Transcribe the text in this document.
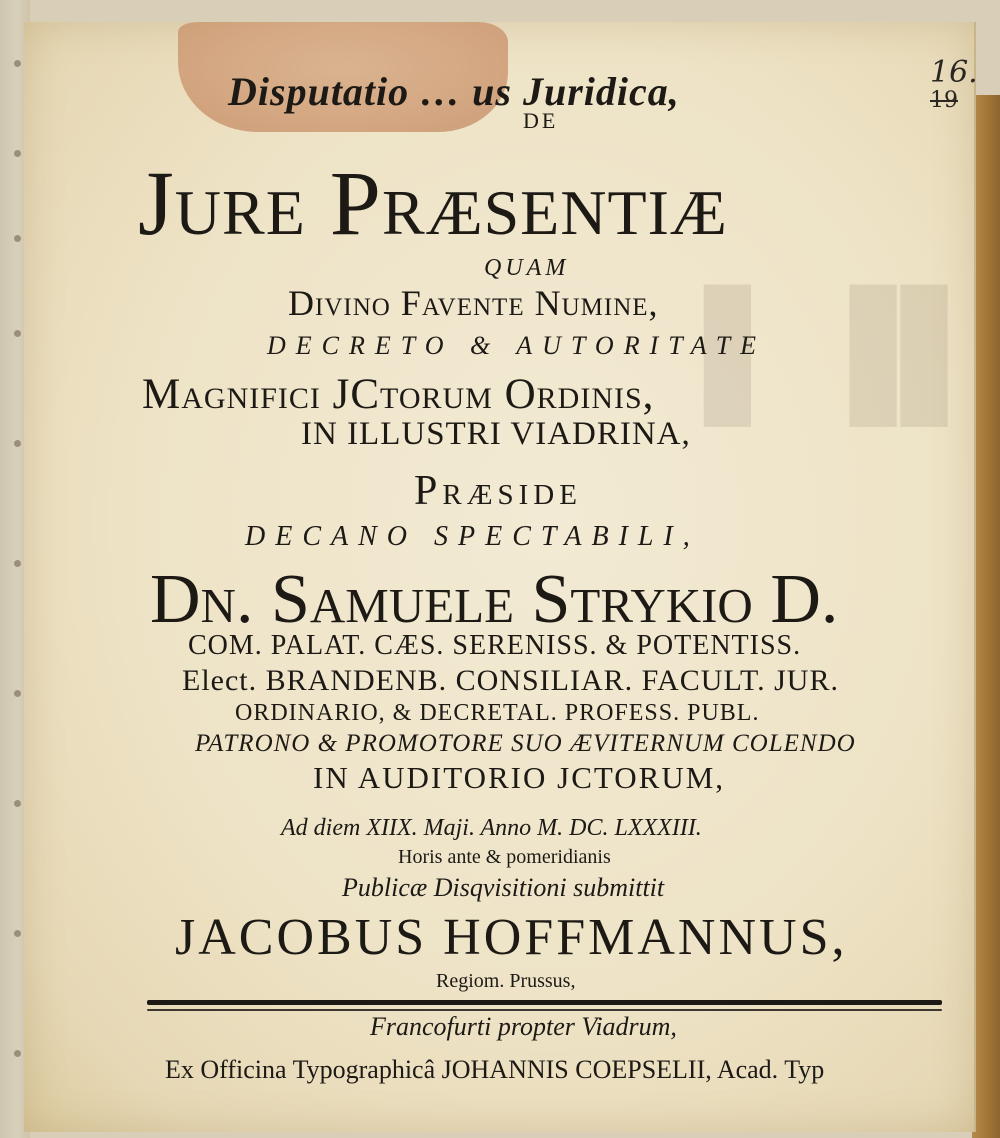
▌▐▌
16.
19
Disputatio … us Juridica,
DE
Jure Præsentiæ
QUAM
Divino Favente Numine,
DECRETO & AUTORITATE
Magnifici JCtorum Ordinis,
IN ILLUSTRI VIADRINA,
Præside
DECANO SPECTABILI,
Dn. Samuele Strykio D.
COM. PALAT. CÆS. SERENISS. & POTENTISS.
Elect. BRANDENB. CONSILIAR. FACULT. JUR.
ORDINARIO, & DECRETAL. PROFESS. PUBL.
PATRONO & PROMOTORE SUO ÆVITERNUM COLENDO
IN AUDITORIO JCTORUM,
Ad diem XIIX. Maji. Anno M. DC. LXXXIII.
Horis ante & pomeridianis
Publicæ Disqvisitioni submittit
JACOBUS HOFFMANNUS,
Regiom. Prussus,
Francofurti propter Viadrum,
Ex Officina Typographicâ JOHANNIS COEPSELII, Acad. Typ
